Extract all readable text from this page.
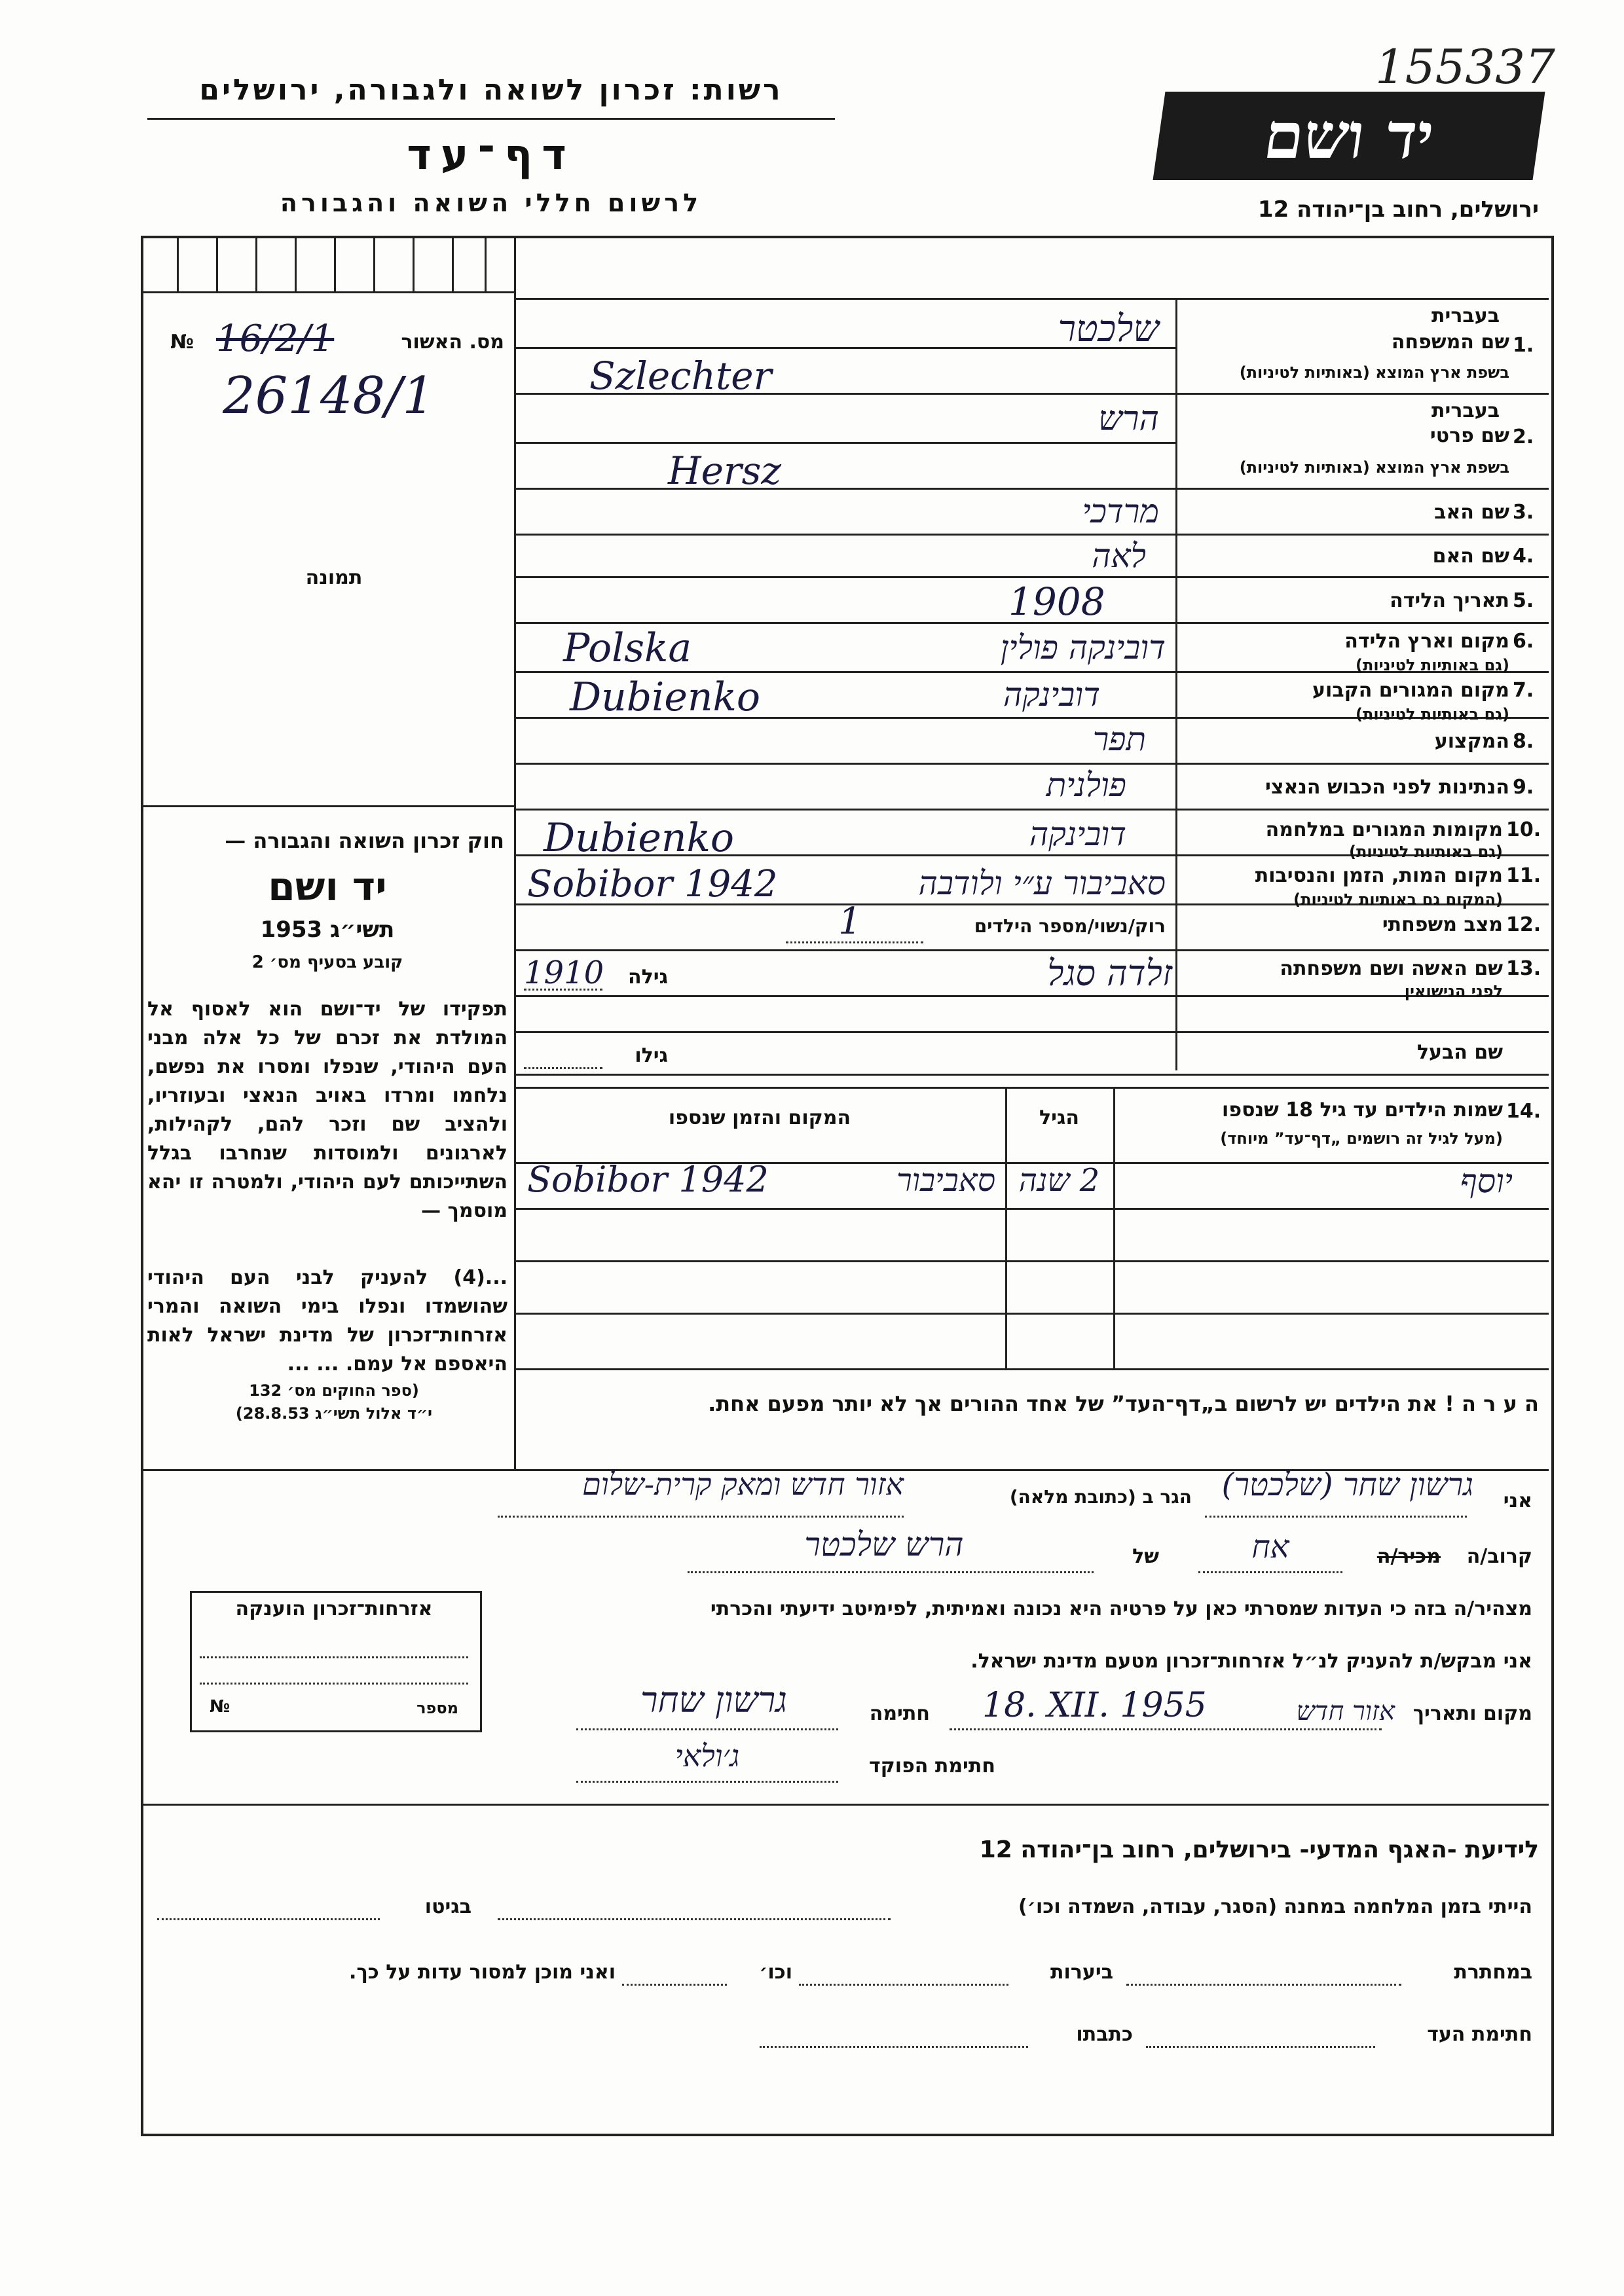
רשות: זכרון לשואה ולגבורה, ירושלים
דף־עד
לרשום חללי השואה והגבורה
יד ושם
155337
ירושלים, רחוב בן־יהודה 12
מס. האשור
№ 16/2/1
26148/1
תמונה
חוק זכרון השואה והגבורה —
יד ושם
תשי״ג 1953
קובע בסעיף מס׳ 2
תפקידו של יד־ושם הוא לאסוף אל המולדת את זכרם של כל אלה מבני העם היהודי, שנפלו ומסרו את נפשם, נלחמו ומרדו באויב הנאצי ובעוזריו, ולהציב שם וזכר להם, לקהילות, לארגונים ולמוסדות שנחרבו בגלל השתייכותם לעם היהודי, ולמטרה זו יהא מוסמך —
...(4) להעניק לבני העם היהודי שהושמדו ונפלו בימי השואה והמרי אזרחות־זכרון של מדינת ישראל לאות היאספם אל עמם. ... ...
(ספר החוקים מס׳ 132
י״ד אלול תשי״ג 28.8.53)
בעברית
1.
שם המשפחה
בשפת ארץ המוצא (באותיות לטיניות)
שלכטר
Szlechter
בעברית
2.
שם פרטי
בשפת ארץ המוצא (באותיות לטיניות)
הרש
Hersz
3.
שם האב
מרדכי
4.
שם האם
לאה
5.
תאריך הלידה
1908
6.
מקום וארץ הלידה
(גם באותיות לטיניות)
דובינקה פולין
Polska
7.
מקום המגורים הקבוע
(גם באותיות לטיניות)
דובינקה
Dubienko
8.
המקצוע
תפר
9.
הנתינות לפני הכבוש הנאצי
פולנית
10.
מקומות המגורים במלחמה
(גם באותיות לטיניות)
דובינקה
Dubienko
11.
מקום המות, הזמן והנסיבות
(המקום גם באותיות לטיניות)
סאביבור ע״י ולודבה
Sobibor 1942
12.
מצב משפחתי
רוק/נשוי/מספר הילדים
1
13.
שם האשה ושם משפחתה
לפני הנישואין
זלדה סגל
גילה
1910
שם הבעל
גילו
14.
שמות הילדים עד גיל 18 שנספו
(מעל לגיל זה רושמים „דף־עד” מיוחד)
הגיל
המקום והזמן שנספו
יוסף
2 שנה
סאביבור
Sobibor 1942
ה ע ר ה ! את הילדים יש לרשום ב„דף־העד” של אחד ההורים אך לא יותר מפעם אחת.
אני
גרשון שחר (שלכטר)
הגר ב (כתובת מלאה)
אזור חדש ומאק קרית-שלום
קרוב/ה
מכיר/ה
אח
של
הרש שלכטר
מצהיר/ה בזה כי העדות שמסרתי כאן על פרטיה היא נכונה ואמיתית, לפימיטב ידיעתי והכרתי
אני מבקש/ת להעניק לנ״ל אזרחות־זכרון מטעם מדינת ישראל.
מקום ותאריך
אזור חדש
18. XII. 1955
חתימה
גרשון שחר
חתימת הפוקד
ג׳ולאי
אזרחות־זכרון הוענקה
מספר
№
לידיעת -האגף המדעי- בירושלים, רחוב בן־יהודה 12
הייתי בזמן המלחמה במחנה (הסגר, עבודה, השמדה וכו׳)
בגיטו
במחתרת
ביערות
וכו׳
ואני מוכן למסור עדות על כך.
חתימת העד
כתבתו
